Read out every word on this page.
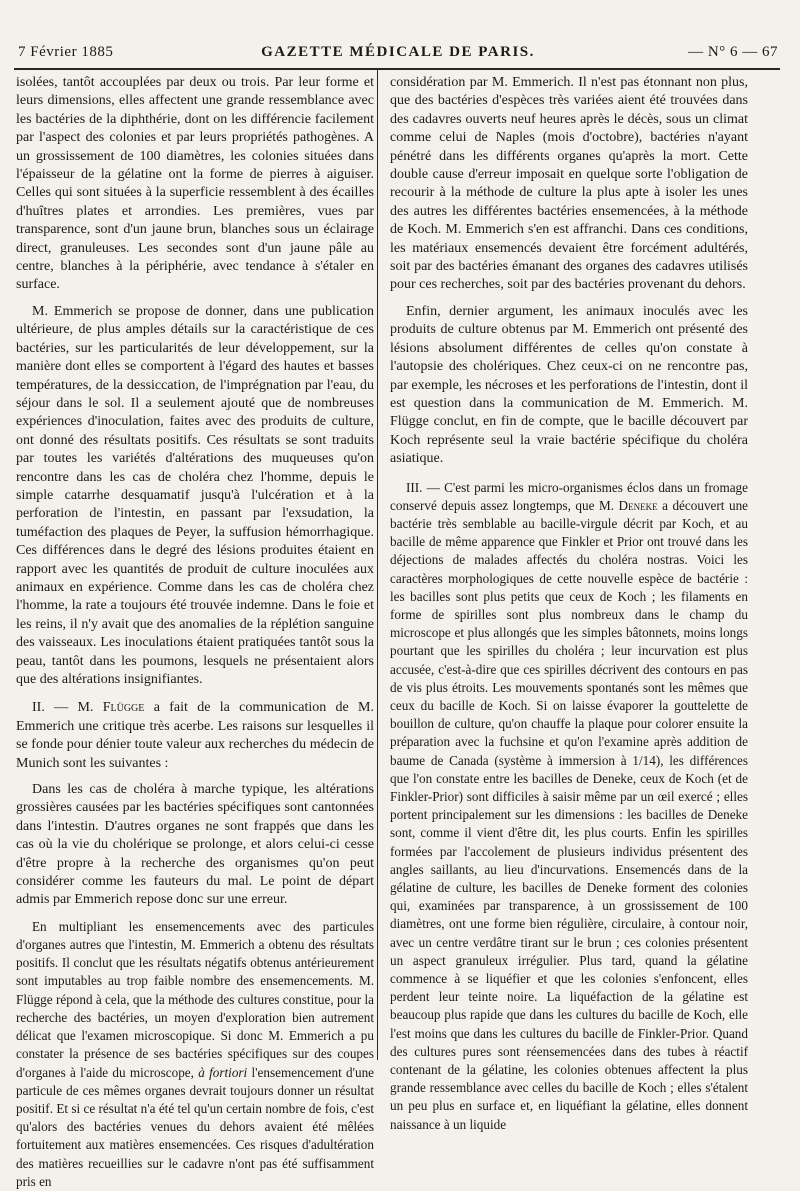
7 Février 1885	GAZETTE MÉDICALE DE PARIS.	— N° 6 — 67

isolées, tantôt accouplées par deux ou trois. Par leur forme et leurs dimensions, elles affectent une grande ressemblance avec les bactéries de la diphthérie, dont on les différencie facilement par l'aspect des colonies et par leurs propriétés pathogènes. A un grossissement de 100 diamètres, les colonies situées dans l'épaisseur de la gélatine ont la forme de pierres à aiguiser. Celles qui sont situées à la superficie ressemblent à des écailles d'huîtres plates et arrondies. Les premières, vues par transparence, sont d'un jaune brun, blanches sous un éclairage direct, granuleuses. Les secondes sont d'un jaune pâle au centre, blanches à la périphérie, avec tendance à s'étaler en surface.

M. Emmerich se propose de donner, dans une publication ultérieure, de plus amples détails sur la caractéristique de ces bactéries, sur les particularités de leur développement, sur la manière dont elles se comportent à l'égard des hautes et basses températures, de la dessiccation, de l'imprégnation par l'eau, du séjour dans le sol. Il a seulement ajouté que de nombreuses expériences d'inoculation, faites avec des produits de culture, ont donné des résultats positifs. Ces résultats se sont traduits par toutes les variétés d'altérations des muqueuses qu'on rencontre dans les cas de choléra chez l'homme, depuis le simple catarrhe desquamatif jusqu'à l'ulcération et à la perforation de l'intestin, en passant par l'exsudation, la tuméfaction des plaques de Peyer, la suffusion hémorrhagique. Ces différences dans le degré des lésions produites étaient en rapport avec les quantités de produit de culture inoculées aux animaux en expérience. Comme dans les cas de choléra chez l'homme, la rate a toujours été trouvée indemne. Dans le foie et les reins, il n'y avait que des anomalies de la réplétion sanguine des vaisseaux. Les inoculations étaient pratiquées tantôt sous la peau, tantôt dans les poumons, lesquels ne présentaient alors que des altérations insignifiantes.

II. — M. Flügge a fait de la communication de M. Emmerich une critique très acerbe. Les raisons sur lesquelles il se fonde pour dénier toute valeur aux recherches du médecin de Munich sont les suivantes :

Dans les cas de choléra à marche typique, les altérations grossières causées par les bactéries spécifiques sont cantonnées dans l'intestin. D'autres organes ne sont frappés que dans les cas où la vie du cholérique se prolonge, et alors celui-ci cesse d'être propre à la recherche des organismes qu'on peut considérer comme les fauteurs du mal. Le point de départ admis par Emmerich repose donc sur une erreur.

En multipliant les ensemencements avec des particules d'organes autres que l'intestin, M. Emmerich a obtenu des résultats positifs. Il conclut que les résultats négatifs obtenus antérieurement sont imputables au trop faible nombre des ensemencements. M. Flügge répond à cela, que la méthode des cultures constitue, pour la recherche des bactéries, un moyen d'exploration bien autrement délicat que l'examen microscopique. Si donc M. Emmerich a pu constater la présence de ses bactéries spécifiques sur des coupes d'organes à l'aide du microscope, à fortiori l'ensemencement d'une particule de ces mêmes organes devrait toujours donner un résultat positif. Et si ce résultat n'a été tel qu'un certain nombre de fois, c'est qu'alors des bactéries venues du dehors avaient été mêlées fortuitement aux matières ensemencées. Ces risques d'adultération des matières recueillies sur le cadavre n'ont pas été suffisamment pris en

considération par M. Emmerich. Il n'est pas étonnant non plus, que des bactéries d'espèces très variées aient été trouvées dans des cadavres ouverts neuf heures après le décès, sous un climat comme celui de Naples (mois d'octobre), bactéries n'ayant pénétré dans les différents organes qu'après la mort. Cette double cause d'erreur imposait en quelque sorte l'obligation de recourir à la méthode de culture la plus apte à isoler les unes des autres les différentes bactéries ensemencées, à la méthode de Koch. M. Emmerich s'en est affranchi. Dans ces conditions, les matériaux ensemencés devaient être forcément adultérés, soit par des bactéries émanant des organes des cadavres utilisés pour ces recherches, soit par des bactéries provenant du dehors.

Enfin, dernier argument, les animaux inoculés avec les produits de culture obtenus par M. Emmerich ont présenté des lésions absolument différentes de celles qu'on constate à l'autopsie des cholériques. Chez ceux-ci on ne rencontre pas, par exemple, les nécroses et les perforations de l'intestin, dont il est question dans la communication de M. Emmerich. M. Flügge conclut, en fin de compte, que le bacille découvert par Koch représente seul la vraie bactérie spécifique du choléra asiatique.

III. — C'est parmi les micro-organismes éclos dans un fromage conservé depuis assez longtemps, que M. Deneke a découvert une bactérie très semblable au bacille-virgule décrit par Koch, et au bacille de même apparence que Finkler et Prior ont trouvé dans les déjections de malades affectés du choléra nostras. Voici les caractères morphologiques de cette nouvelle espèce de bactérie : les bacilles sont plus petits que ceux de Koch ; les filaments en forme de spirilles sont plus nombreux dans le champ du microscope et plus allongés que les simples bâtonnets, moins longs pourtant que les spirilles du choléra ; leur incurvation est plus accusée, c'est-à-dire que ces spirilles décrivent des contours en pas de vis plus étroits. Les mouvements spontanés sont les mêmes que ceux du bacille de Koch. Si on laisse évaporer la gouttelette de bouillon de culture, qu'on chauffe la plaque pour colorer ensuite la préparation avec la fuchsine et qu'on l'examine après addition de baume de Canada (système à immersion à 1/14), les différences que l'on constate entre les bacilles de Deneke, ceux de Koch (et de Finkler-Prior) sont difficiles à saisir même par un œil exercé ; elles portent principalement sur les dimensions : les bacilles de Deneke sont, comme il vient d'être dit, les plus courts. Enfin les spirilles formées par l'accolement de plusieurs individus présentent des angles saillants, au lieu d'incurvations. Ensemencés dans de la gélatine de culture, les bacilles de Deneke forment des colonies qui, examinées par transparence, à un grossissement de 100 diamètres, ont une forme bien régulière, circulaire, à contour noir, avec un centre verdâtre tirant sur le brun ; ces colonies présentent un aspect granuleux irrégulier. Plus tard, quand la gélatine commence à se liquéfier et que les colonies s'enfoncent, elles perdent leur teinte noire. La liquéfaction de la gélatine est beaucoup plus rapide que dans les cultures du bacille de Koch, elle l'est moins que dans les cultures du bacille de Finkler-Prior. Quand des cultures pures sont réensemencées dans des tubes à réactif contenant de la gélatine, les colonies obtenues affectent la plus grande ressemblance avec celles du bacille de Koch ; elles s'étalent un peu plus en surface et, en liquéfiant la gélatine, elles donnent naissance à un liquide
